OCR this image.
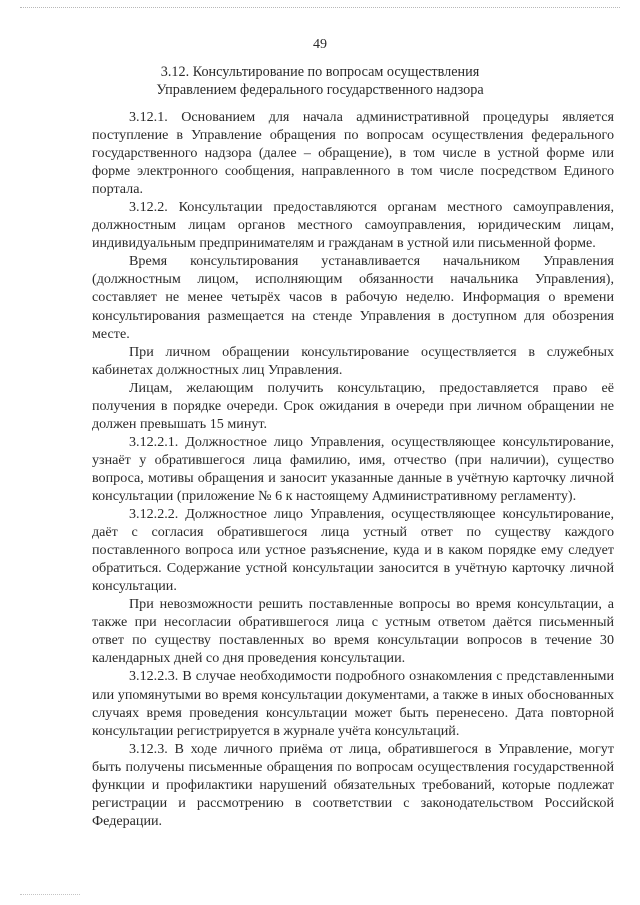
49
3.12. Консультирование по вопросам осуществления
Управлением федерального государственного надзора

3.12.1. Основанием для начала административной процедуры является поступление в Управление обращения по вопросам осуществления федерального государственного надзора (далее – обращение), в том числе в устной форме или форме электронного сообщения, направленного в том числе посредством Единого портала.

3.12.2. Консультации предоставляются органам местного самоуправления, должностным лицам органов местного самоуправления, юридическим лицам, индивидуальным предпринимателям и гражданам в устной или письменной форме.

Время консультирования устанавливается начальником Управления (должностным лицом, исполняющим обязанности начальника Управления), составляет не менее четырёх часов в рабочую неделю. Информация о времени консультирования размещается на стенде Управления в доступном для обозрения месте.

При личном обращении консультирование осуществляется в служебных кабинетах должностных лиц Управления.

Лицам, желающим получить консультацию, предоставляется право её получения в порядке очереди. Срок ожидания в очереди при личном обращении не должен превышать 15 минут.

3.12.2.1. Должностное лицо Управления, осуществляющее консультирование, узнаёт у обратившегося лица фамилию, имя, отчество (при наличии), существо вопроса, мотивы обращения и заносит указанные данные в учётную карточку личной консультации (приложение № 6 к настоящему Административному регламенту).

3.12.2.2. Должностное лицо Управления, осуществляющее консультирование, даёт с согласия обратившегося лица устный ответ по существу каждого поставленного вопроса или устное разъяснение, куда и в каком порядке ему следует обратиться. Содержание устной консультации заносится в учётную карточку личной консультации.

При невозможности решить поставленные вопросы во время консультации, а также при несогласии обратившегося лица с устным ответом даётся письменный ответ по существу поставленных во время консультации вопросов в течение 30 календарных дней со дня проведения консультации.

3.12.2.3. В случае необходимости подробного ознакомления с представленными или упомянутыми во время консультации документами, а также в иных обоснованных случаях время проведения консультации может быть перенесено. Дата повторной консультации регистрируется в журнале учёта консультаций.

3.12.3. В ходе личного приёма от лица, обратившегося в Управление, могут быть получены письменные обращения по вопросам осуществления государственной функции и профилактики нарушений обязательных требований, которые подлежат регистрации и рассмотрению в соответствии с законодательством Российской Федерации.
